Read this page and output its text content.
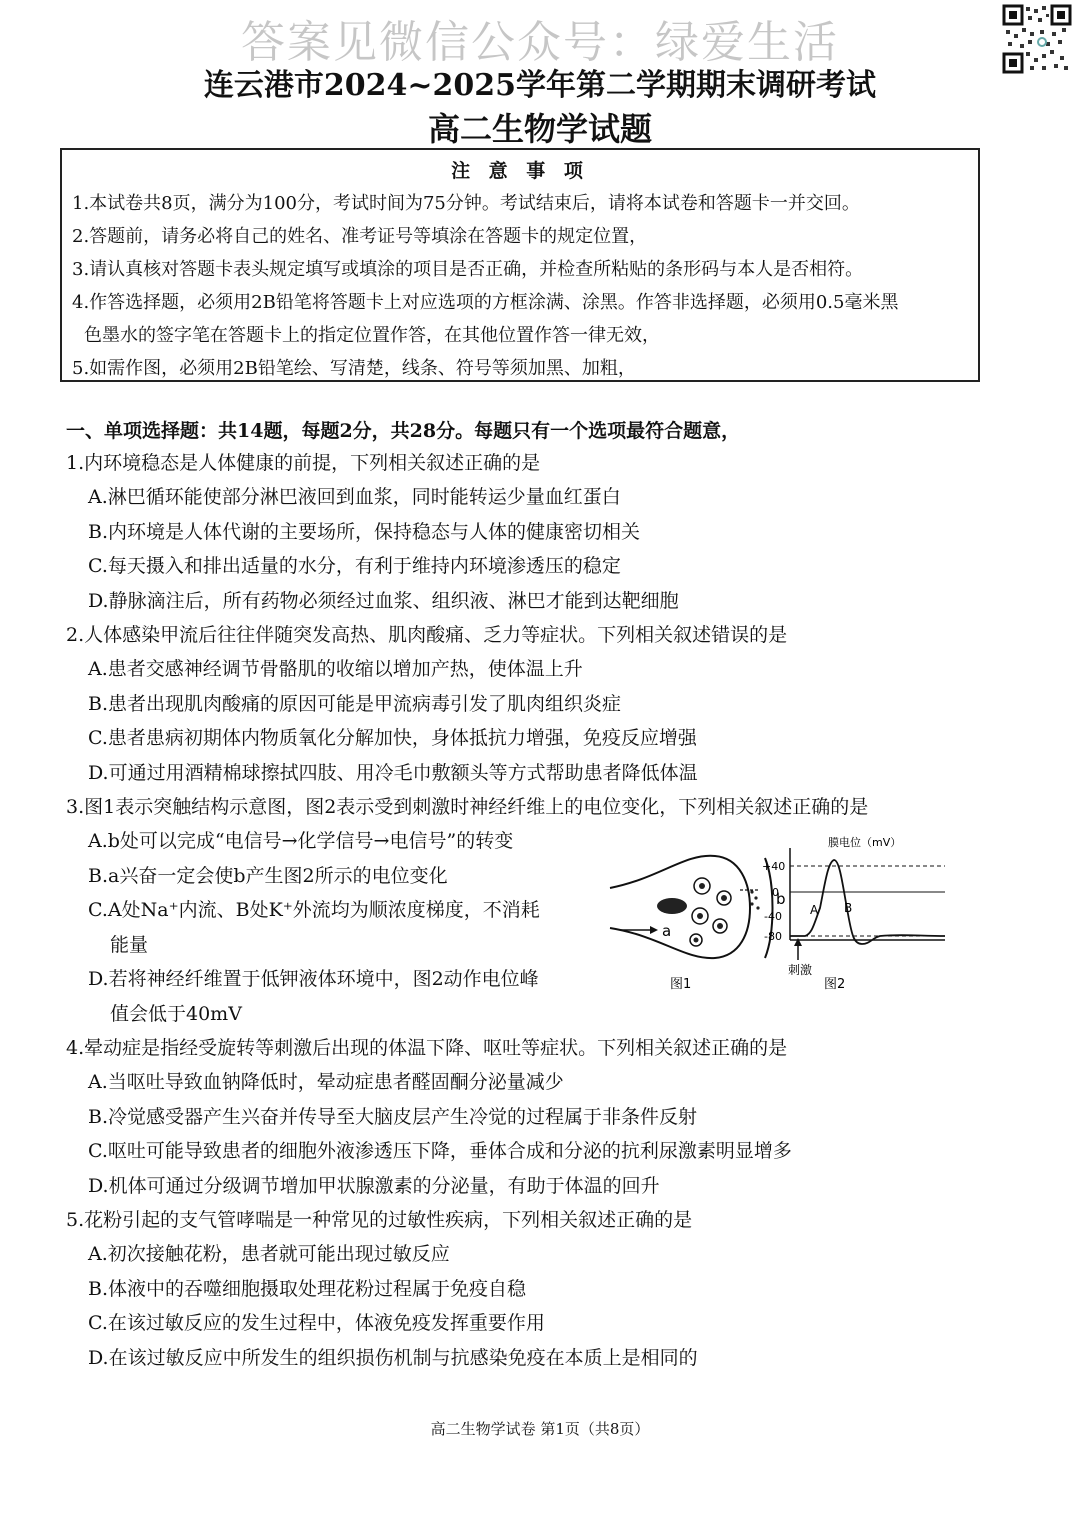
答案见微信公众号：绿爱生活
连云港市2024~2025学年第二学期期末调研考试
高二生物学试题
注 意 事 项

1.本试卷共8页，满分为100分，考试时间为75分钟。考试结束后，请将本试卷和答题卡一并交回。

2.答题前，请务必将自己的姓名、准考证号等填涂在答题卡的规定位置，

3.请认真核对答题卡表头规定填写或填涂的项目是否正确，并检查所粘贴的条形码与本人是否相符。

4.作答选择题，必须用2B铅笔将答题卡上对应选项的方框涂满、涂黑。作答非选择题，必须用0.5毫米黑

色墨水的签字笔在答题卡上的指定位置作答，在其他位置作答一律无效，

5.如需作图，必须用2B铅笔绘、写清楚，线条、符号等须加黑、加粗，

一、单项选择题：共14题，每题2分，共28分。每题只有一个选项最符合题意，

1.内环境稳态是人体健康的前提，下列相关叙述正确的是

A.淋巴循环能使部分淋巴液回到血浆，同时能转运少量血红蛋白

B.内环境是人体代谢的主要场所，保持稳态与人体的健康密切相关

C.每天摄入和排出适量的水分，有利于维持内环境渗透压的稳定

D.静脉滴注后，所有药物必须经过血浆、组织液、淋巴才能到达靶细胞

2.人体感染甲流后往往伴随突发高热、肌肉酸痛、乏力等症状。下列相关叙述错误的是

A.患者交感神经调节骨骼肌的收缩以增加产热，使体温上升

B.患者出现肌肉酸痛的原因可能是甲流病毒引发了肌肉组织炎症

C.患者患病初期体内物质氧化分解加快，身体抵抗力增强，免疫反应增强

D.可通过用酒精棉球擦拭四肢、用冷毛巾敷额头等方式帮助患者降低体温

3.图1表示突触结构示意图，图2表示受到刺激时神经纤维上的电位变化，下列相关叙述正确的是

A.b处可以完成“电信号→化学信号→电信号”的转变

B.a兴奋一定会使b产生图2所示的电位变化

C.A处Na⁺内流、B处K⁺外流均为顺浓度梯度，不消耗

能量

D.若将神经纤维置于低钾液体环境中，图2动作电位峰

值会低于40mV

4.晕动症是指经受旋转等刺激后出现的体温下降、呕吐等症状。下列相关叙述正确的是

A.当呕吐导致血钠降低时，晕动症患者醛固酮分泌量减少

B.冷觉感受器产生兴奋并传导至大脑皮层产生冷觉的过程属于非条件反射

C.呕吐可能导致患者的细胞外液渗透压下降，垂体合成和分泌的抗利尿激素明显增多

D.机体可通过分级调节增加甲状腺激素的分泌量，有助于体温的回升

5.花粉引起的支气管哮喘是一种常见的过敏性疾病，下列相关叙述正确的是

A.初次接触花粉，患者就可能出现过敏反应

B.体液中的吞噬细胞摄取处理花粉过程属于免疫自稳

C.在该过敏反应的发生过程中，体液免疫发挥重要作用

D.在该过敏反应中所发生的组织损伤机制与抗感染免疫在本质上是相同的

a
b
图1
膜电位（mV）
+40
0
-40
-80
A B
刺激
图2
高二生物学试卷 第1页（共8页）
